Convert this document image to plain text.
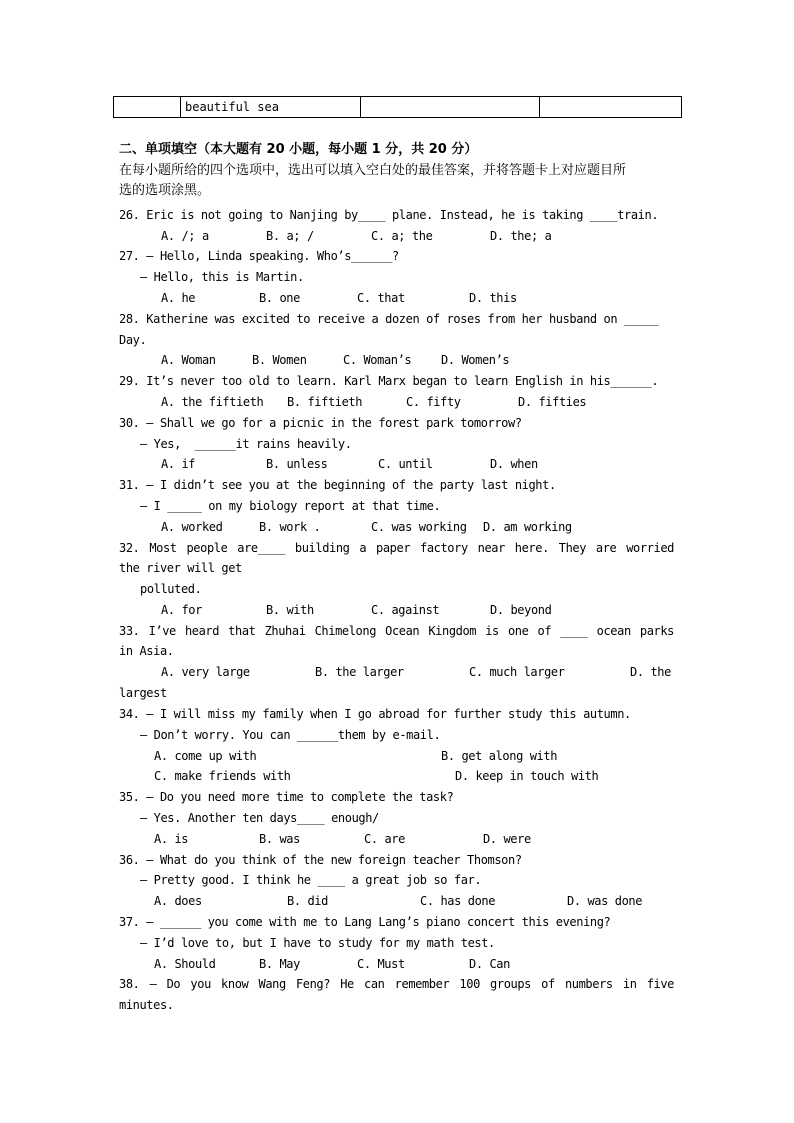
	beautiful sea		
二、单项填空（本大题有 20 小题，每小题 1 分，共 20 分）
在每小题所给的四个选项中，选出可以填入空白处的最佳答案，并将答题卡上对应题目所
选的选项涂黑。
26. Eric is not going to Nanjing by____ plane. Instead, he is taking ____train.
A. /; a	B. a; /	C. a; the	D. the; a
27. – Hello, Linda speaking. Who’s______?
– Hello, this is Martin.
A. he	B. one	C. that	D. this
28. Katherine was excited to receive a dozen of roses from her husband on _____
Day.
A. Woman	B. Women	C. Woman’s D. Women’s
29. It’s never too old to learn. Karl Marx began to learn English in his______.
A. the fiftieth B. fiftieth	C. fifty	D. fifties
30. – Shall we go for a picnic in the forest park tomorrow?
– Yes,  ______it rains heavily.
A. if	B. unless	C. until	D. when
31. – I didn’t see you at the beginning of the party last night.
– I _____ on my biology report at that time.
A. worked	B. work .	C. was working D. am working
32. Most people are____ building a paper factory near here. They are worried
the river will get
polluted.
A. for	B. with	C. against	D. beyond
33. I’ve heard that Zhuhai Chimelong Ocean Kingdom is one of ____ ocean parks
in Asia.
A. very large	B. the larger	C. much larger	D. the
largest
34. – I will miss my family when I go abroad for further study this autumn.
– Don’t worry. You can ______them by e-mail.
A. come up with	B. get along with
C. make friends with	D. keep in touch with
35. – Do you need more time to complete the task?
– Yes. Another ten days____ enough/
A. is	B. was	C. are	D. were
36. – What do you think of the new foreign teacher Thomson?
– Pretty good. I think he ____ a great job so far.
A. does	B. did	C. has done	D. was done
37. – ______ you come with me to Lang Lang’s piano concert this evening?
– I’d love to, but I have to study for my math test.
A. Should	B. May	C. Must	D. Can
38. – Do you know Wang Feng? He can remember 100 groups of numbers in five
minutes.
